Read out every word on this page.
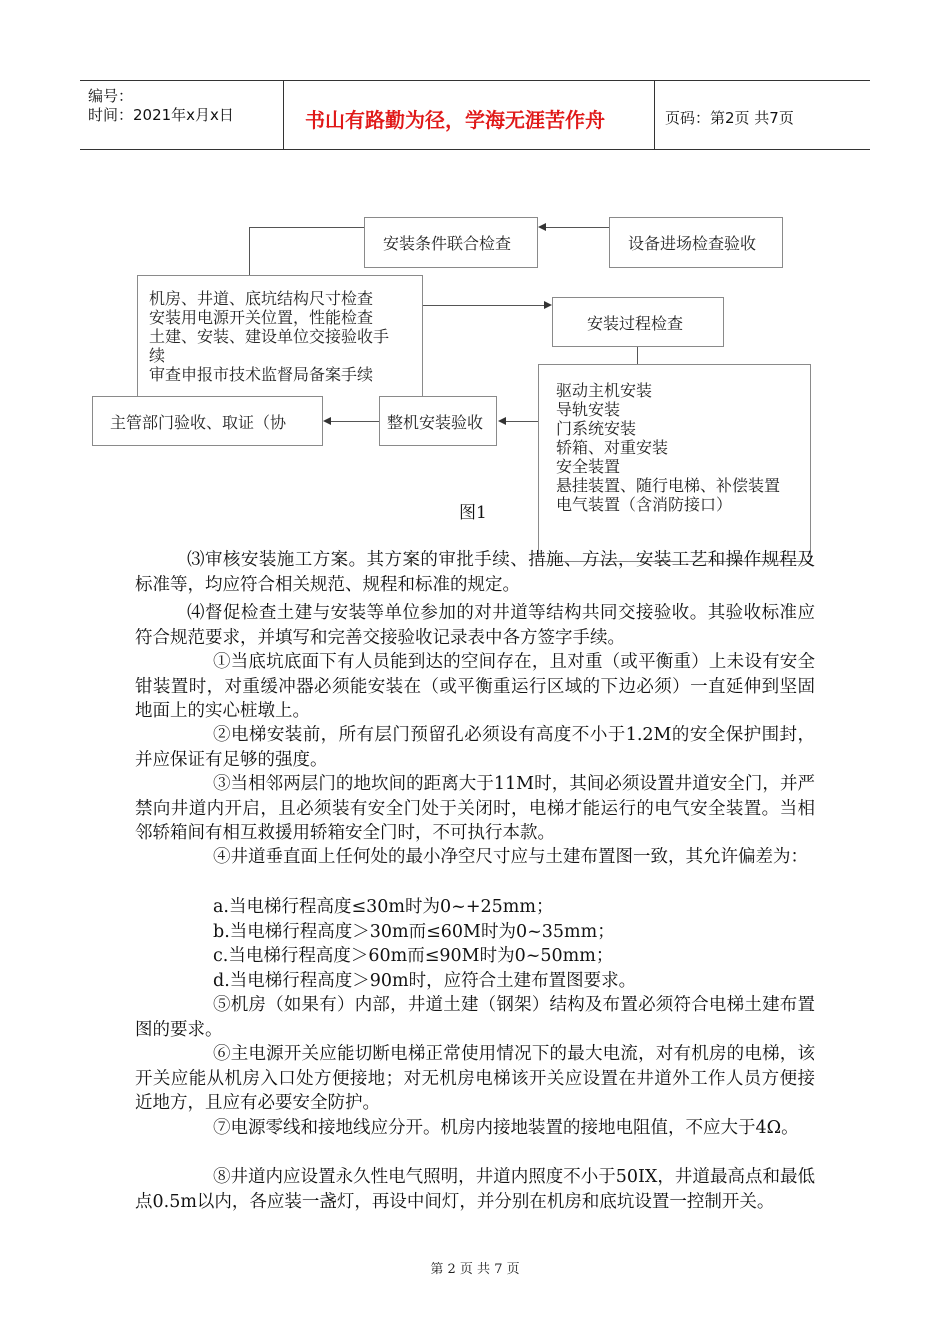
编号：
时间：2021年x月x日	书山有路勤为径，学海无涯苦作舟	页码：第2页 共7页
安装条件联合检查	设备进场检查验收
机房、井道、底坑结构尺寸检查
安装用电源开关位置，性能检查
土建、安装、建设单位交接验收手
续
审查申报市技术监督局备案手续
安装过程检查
驱动主机安装
导轨安装
门系统安装
轿箱、对重安装
安全装置
悬挂装置、随行电梯、补偿装置
电气装置（含消防接口）
整机安装验收
主管部门验收、取证（协
图1
⑶审核安装施工方案。其方案的审批手续、措施、方法，安装工艺和操作规程及标准等，均应符合相关规范、规程和标准的规定。
⑷督促检查土建与安装等单位参加的对井道等结构共同交接验收。其验收标准应符合规范要求，并填写和完善交接验收记录表中各方签字手续。
①当底坑底面下有人员能到达的空间存在，且对重（或平衡重）上未设有安全钳装置时，对重缓冲器必须能安装在（或平衡重运行区域的下边必须）一直延伸到坚固地面上的实心桩墩上。
②电梯安装前，所有层门预留孔必须设有高度不小于1.2M的安全保护围封，并应保证有足够的强度。
③当相邻两层门的地坎间的距离大于11M时，其间必须设置井道安全门，并严禁向井道内开启，且必须装有安全门处于关闭时，电梯才能运行的电气安全装置。当相邻轿箱间有相互救援用轿箱安全门时，不可执行本款。
④井道垂直面上任何处的最小净空尺寸应与土建布置图一致，其允许偏差为：
a.当电梯行程高度≤30m时为0~+25mm；
b.当电梯行程高度＞30m而≤60M时为0~35mm；
c.当电梯行程高度＞60m而≤90M时为0~50mm；
d.当电梯行程高度＞90m时，应符合土建布置图要求。
⑤机房（如果有）内部，井道土建（钢架）结构及布置必须符合电梯土建布置图的要求。
⑥主电源开关应能切断电梯正常使用情况下的最大电流，对有机房的电梯，该开关应能从机房入口处方便接地；对无机房电梯该开关应设置在井道外工作人员方便接近地方，且应有必要安全防护。
⑦电源零线和接地线应分开。机房内接地装置的接地电阻值，不应大于4Ω。
⑧井道内应设置永久性电气照明，井道内照度不小于50IX，井道最高点和最低点0.5m以内，各应装一盏灯，再设中间灯，并分别在机房和底坑设置一控制开关。
第 2 页 共 7 页
